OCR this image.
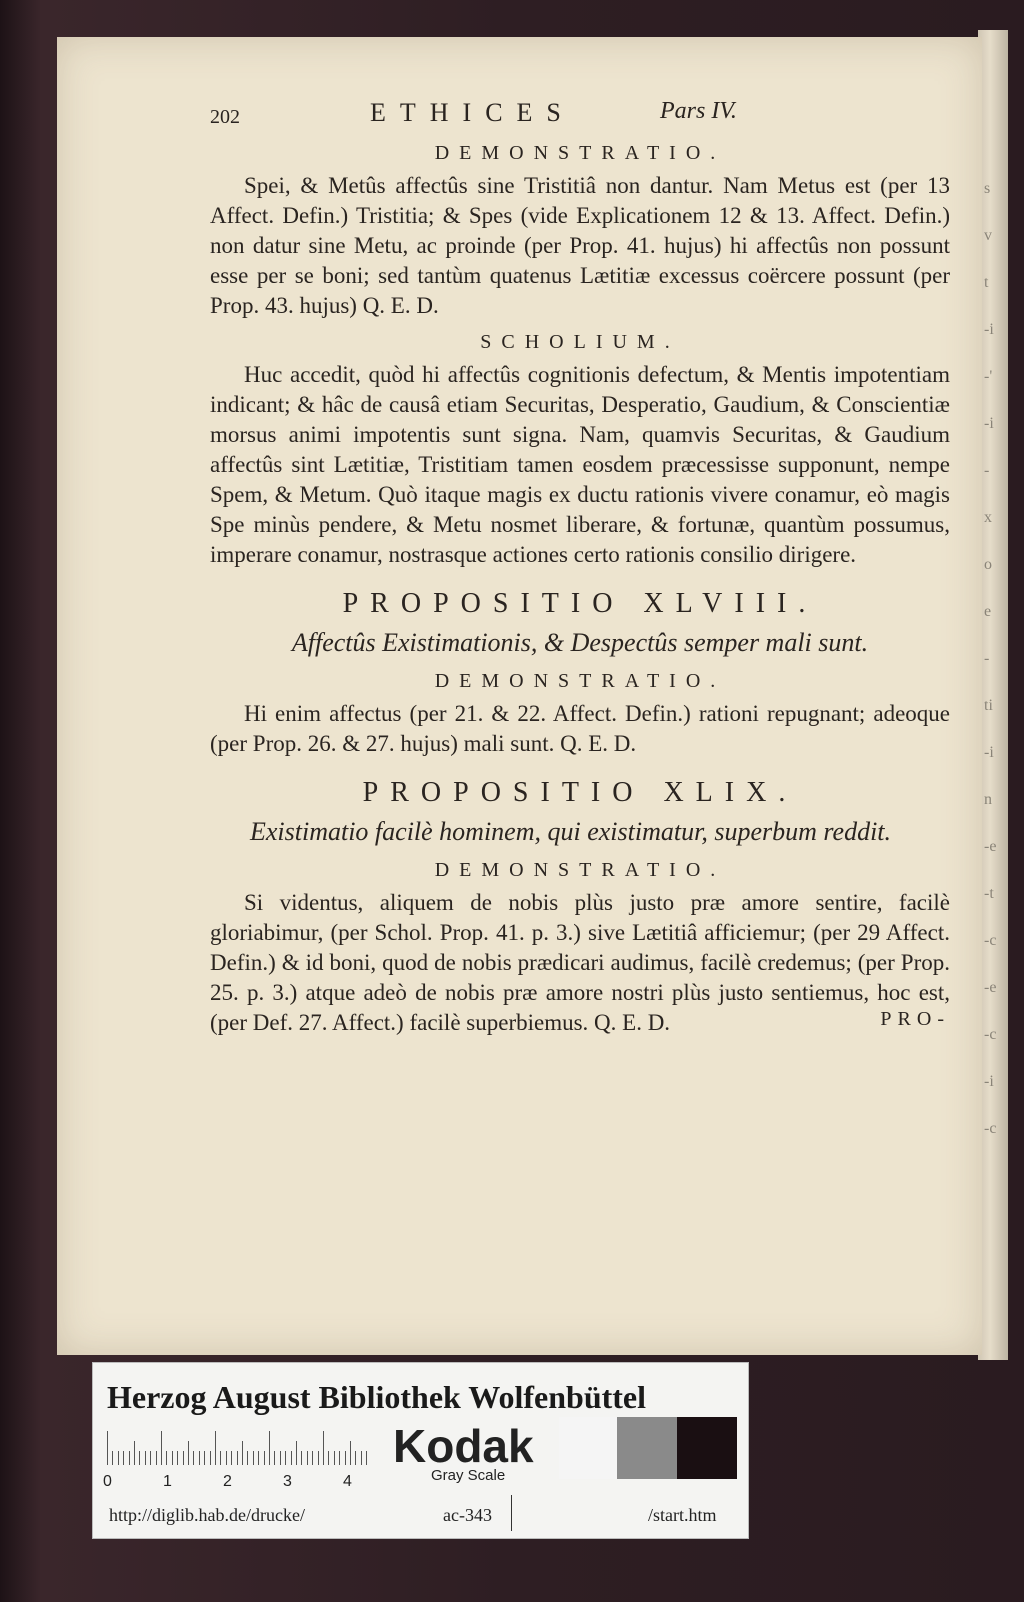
s
v
t
-i
-'
-i
-
x
o
e
-
ti
-i
n
-e
-t
-c
-e
-c
-i
-c
202	ETHICES	Pars IV.
DEMONSTRATIO.

Spei, & Metûs affectûs sine Tristitiâ non dantur. Nam Metus est (per 13 Affect. Defin.) Tristitia; & Spes (vide Explicationem 12 & 13. Affect. Defin.) non datur sine Metu, ac proinde (per Prop. 41. hujus) hi affectûs non possunt esse per se boni; sed tantùm quatenus Lætitiæ excessus coërcere possunt (per Prop. 43. hujus) Q. E. D.

SCHOLIUM.

Huc accedit, quòd hi affectûs cognitionis defectum, & Mentis impotentiam indicant; & hâc de causâ etiam Securitas, Desperatio, Gaudium, & Conscientiæ morsus animi impotentis sunt signa. Nam, quamvis Securitas, & Gaudium affectûs sint Lætitiæ, Tristitiam tamen eosdem præcessisse supponunt, nempe Spem, & Metum. Quò itaque magis ex ductu rationis vivere conamur, eò magis Spe minùs pendere, & Metu nosmet liberare, & fortunæ, quantùm possumus, imperare conamur, nostrasque actiones certo rationis consilio dirigere.

PROPOSITIO XLVIII.
Affectûs Existimationis, & Despectûs semper mali sunt.
DEMONSTRATIO.

Hi enim affectus (per 21. & 22. Affect. Defin.) rationi repugnant; adeoque (per Prop. 26. & 27. hujus) mali sunt. Q. E. D.

PROPOSITIO XLIX.
Existimatio facilè hominem, qui existimatur, superbum reddit.
DEMONSTRATIO.

Si videntus, aliquem de nobis plùs justo præ amore sentire, facilè gloriabimur, (per Schol. Prop. 41. p. 3.) sive Lætitiâ afficiemur; (per 29 Affect. Defin.) & id boni, quod de nobis prædicari audimus, facilè credemus; (per Prop. 25. p. 3.) atque adeò de nobis præ amore nostri plùs justo sentiemus, hoc est, (per Def. 27. Affect.) facilè superbiemus. Q. E. D.	PRO-
Herzog August Bibliothek Wolfenbüttel
0	1	2	3	4
Kodak
Gray Scale
http://diglib.hab.de/drucke/	ac-343	/start.htm
